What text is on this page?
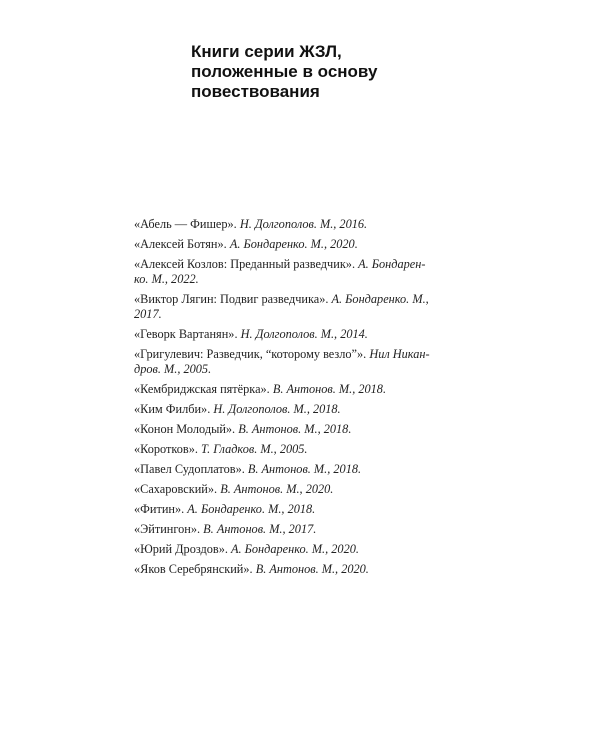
Книги серии ЖЗЛ,
положенные в основу
повествования
«Абель — Фишер». Н. Долгополов. М., 2016.
«Алексей Ботян». А. Бондаренко. М., 2020.
«Алексей Козлов: Преданный разведчик». А. Бондарен-
ко. М., 2022.
«Виктор Лягин: Подвиг разведчика». А. Бондаренко. М.,
2017.
«Геворк Вартанян». Н. Долгополов. М., 2014.
«Григулевич: Разведчик, “которому везло”». Нил Никан-
дров. М., 2005.
«Кембриджская пятёрка». В. Антонов. М., 2018.
«Ким Филби». Н. Долгополов. М., 2018.
«Конон Молодый». В. Антонов. М., 2018.
«Коротков». Т. Гладков. М., 2005.
«Павел Судоплатов». В. Антонов. М., 2018.
«Сахаровский». В. Антонов. М., 2020.
«Фитин». А. Бондаренко. М., 2018.
«Эйтингон». В. Антонов. М., 2017.
«Юрий Дроздов». А. Бондаренко. М., 2020.
«Яков Серебрянский». В. Антонов. М., 2020.
